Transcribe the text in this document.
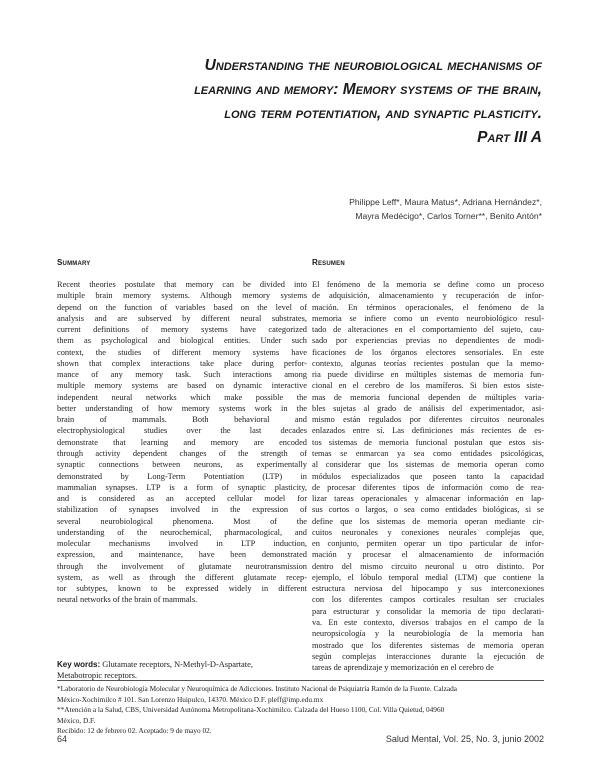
Understanding the neurobiological mechanisms of
learning and memory: Memory systems of the brain,
long term potentiation, and synaptic plasticity.
Part III A
Philippe Leff*, Maura Matus*, Adriana Hernández*,
Mayra Medécigo*, Carlos Torner**, Benito Antón*
Summary	Resumen
Recent theories postulate that memory can be divided into
multiple brain memory systems. Although memory systems
depend on the function of variables based on the level of
analysis and are subserved by different neural substrates,
current definitions of memory systems have categorized
them as psychological and biological entities. Under such
context, the studies of different memory systems have
shown that complex interactions take place during perfor-
mance of any memory task. Such interactions among
multiple memory systems are based on dynamic interactive
independent neural networks which make possible the
better understanding of how memory systems work in the
brain of mammals. Both behavioral and
electrophysiological studies over the last decades
demonstrate that learning and memory are encoded
through activity dependent changes of the strength of
synaptic connections between neurons, as experimentally
demonstrated by Long-Term Potentiation (LTP) in
mammalian synapses. LTP is a form of synaptic plasticity,
and is considered as an accepted cellular model for
stabilization of synapses involved in the expression of
several neurobiological phenomena. Most of the
understanding of the neurochemical, pharmacological, and
molecular mechanisms involved in LTP induction,
expression, and maintenance, have been demonstrated
through the involvement of glutamate neurotransmission
system, as well as through the different glutamate recep-
tor subtypes, known to be expressed widely in different
neural networks of the brain of mammals.
El fenómeno de la memoria se define como un proceso
de adquisición, almacenamiento y recuperación de infor-
mación. En términos operacionales, el fenómeno de la
memoria se infiere como un evento neurobiológico resul-
tado de alteraciones en el comportamiento del sujeto, cau-
sado por experiencias previas no dependientes de modi-
ficaciones de los órganos electores sensoriales. En este
contexto, algunas teorías recientes postulan que la memo-
ria puede dividirse en múltiples sistemas de memoria fun-
cional en el cerebro de los mamíferos. Si bien estos siste-
mas de memoria funcional dependen de múltiples varia-
bles sujetas al grado de análisis del experimentador, asi-
mismo están regulados por diferentes circuitos neuronales
enlazados entre sí. Las definiciones más recientes de es-
tos sistemas de memoria funcional postulan que estos sis-
temas se enmarcan ya sea como entidades psicológicas,
al considerar que los sistemas de memoria operan como
módulos especializados que poseen tanto la capacidad
de procesar diferentes tipos de información como de rea-
lizar tareas operacionales y almacenar información en lap-
sus cortos o largos, o sea como entidades biológicas, si se
define que los sistemas de memoria operan mediante cir-
cuitos neuronales y conexiones neurales complejas que,
en conjunto, permiten operar un tipo particular de infor-
mación y procesar el almacenamiento de información
dentro del mismo circuito neuronal u otro distinto. Por
ejemplo, el lóbulo temporal medial (LTM) que contiene la
estructura nerviosa del hipocampo y sus interconexiones
con los diferentes campos corticales resultan ser cruciales
para estructurar y consolidar la memoria de tipo declarati-
va. En este contexto, diversos trabajos en el campo de la
neuropsicología y la neurobiología de la memoria han
mostrado que los diferentes sistemas de memoria operan
según complejas interacciones durante la ejecución de
tareas de aprendizaje y memorización en el cerebro de
Key words: Glutamate receptors, N-Methyl-D-Aspartate,
Metabotropic receptors.
*Laboratorio de Neurobiología Molecular y Neuroquímica de Adicciones. Instituto Nacional de Psiquiatría Ramón de la Fuente. Calzada
México-Xochimilco # 101. San Lorenzo Huipulco, 14370. México D.F. pleff@imp.edu.mx
**Atención a la Salud, CBS, Universidad Autónoma Metropolitana-Xochimilco. Calzada del Hueso 1100, Col. Villa Quietud, 04960
México, D.F.
Recibido: 12 de febrero 02. Aceptado: 9 de mayo 02.
64	Salud Mental, Vol. 25, No. 3, junio 2002
